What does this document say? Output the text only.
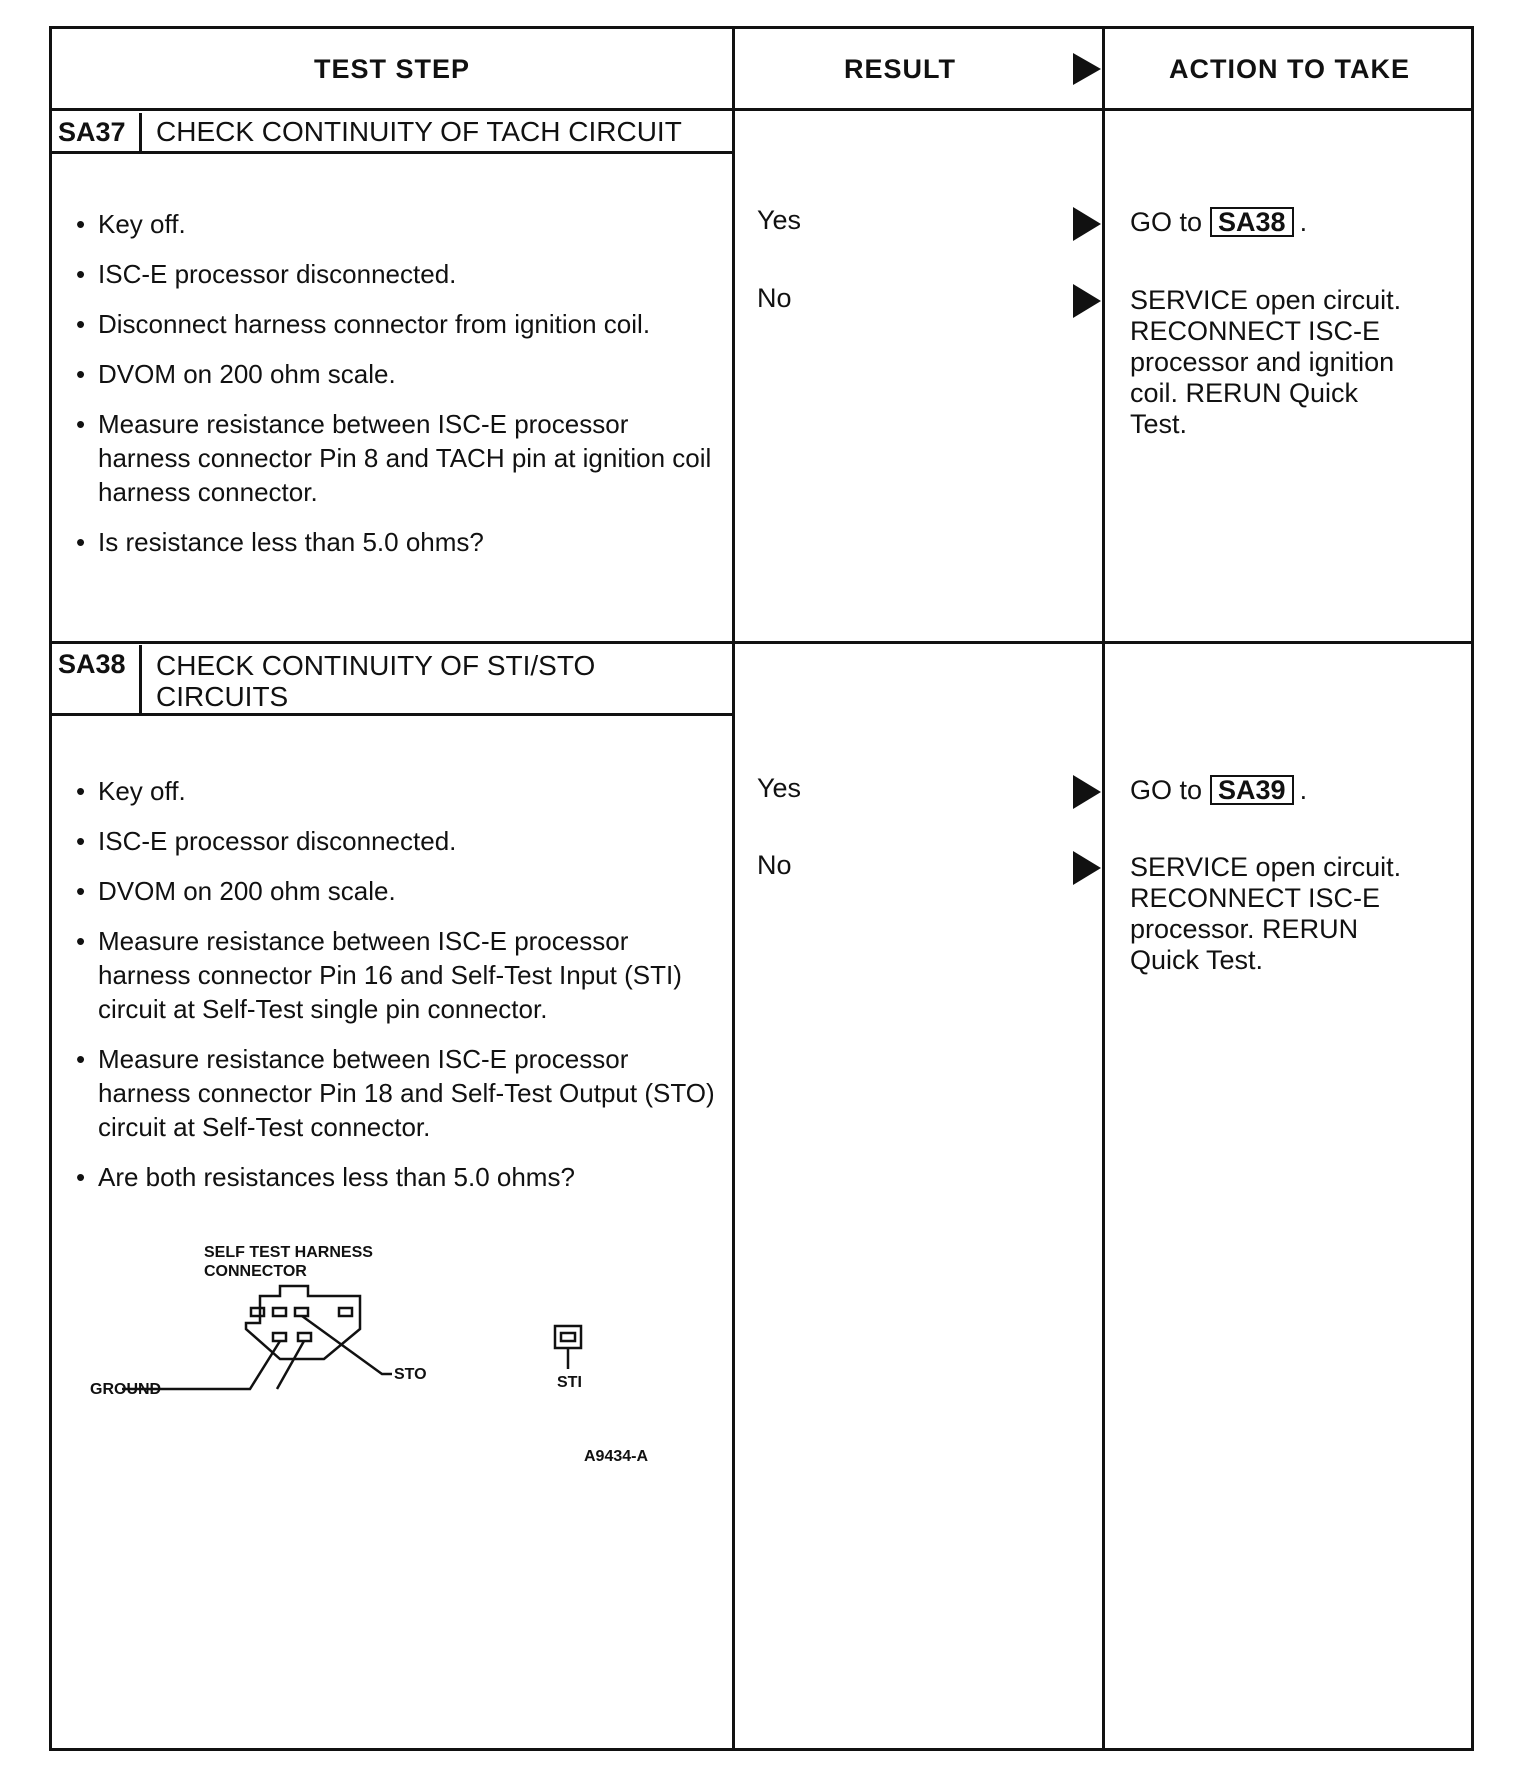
TEST STEP	RESULT	ACTION TO TAKE
SA37	CHECK CONTINUITY OF TACH CIRCUIT
• Key off.
• ISC-E processor disconnected.
• Disconnect harness connector from ignition coil.
• DVOM on 200 ohm scale.
• Measure resistance between ISC-E processor harness connector Pin 8 and TACH pin at ignition coil harness connector.
• Is resistance less than 5.0 ohms?
Yes	GO to SA38 .
No	SERVICE open circuit.
RECONNECT ISC-E
processor and ignition
coil. RERUN Quick
Test.
SA38	CHECK CONTINUITY OF STI/STO
CIRCUITS
• Key off.
• ISC-E processor disconnected.
• DVOM on 200 ohm scale.
• Measure resistance between ISC-E processor harness connector Pin 16 and Self-Test Input (STI) circuit at Self-Test single pin connector.
• Measure resistance between ISC-E processor harness connector Pin 18 and Self-Test Output (STO) circuit at Self-Test connector.
• Are both resistances less than 5.0 ohms?
Yes	GO to SA39 .
No	SERVICE open circuit.
RECONNECT ISC-E
processor. RERUN
Quick Test.
SELF TEST HARNESS
CONNECTOR
STO	STI
GROUND
A9434-A
